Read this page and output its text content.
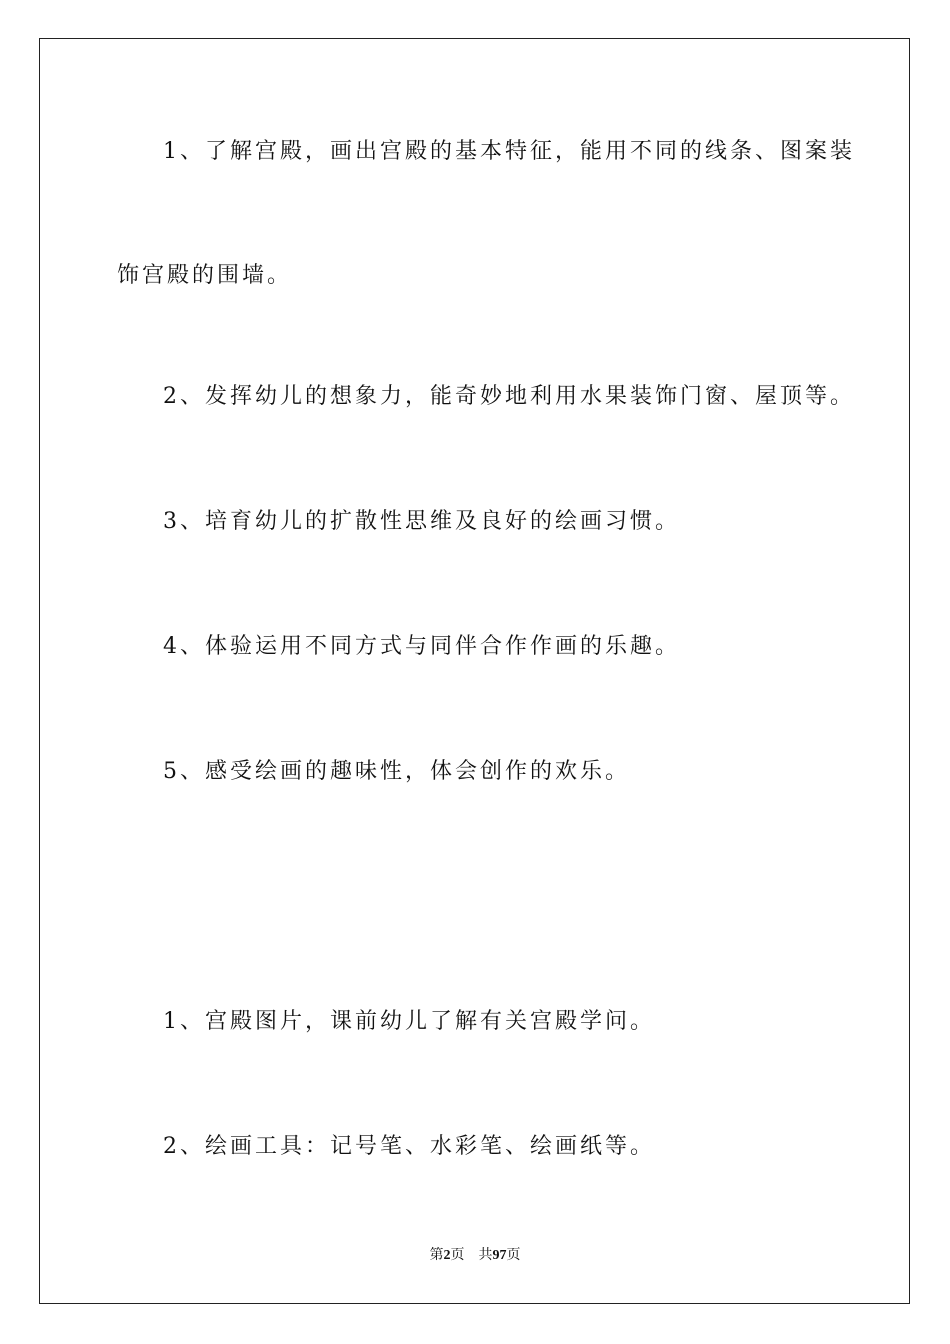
1、了解宫殿，画出宫殿的基本特征，能用不同的线条、图案装
饰宫殿的围墙。
2、发挥幼儿的想象力，能奇妙地利用水果装饰门窗、屋顶等。
3、培育幼儿的扩散性思维及良好的绘画习惯。
4、体验运用不同方式与同伴合作作画的乐趣。
5、感受绘画的趣味性，体会创作的欢乐。
1、宫殿图片，课前幼儿了解有关宫殿学问。
2、绘画工具：记号笔、水彩笔、绘画纸等。
第2页 共97页
